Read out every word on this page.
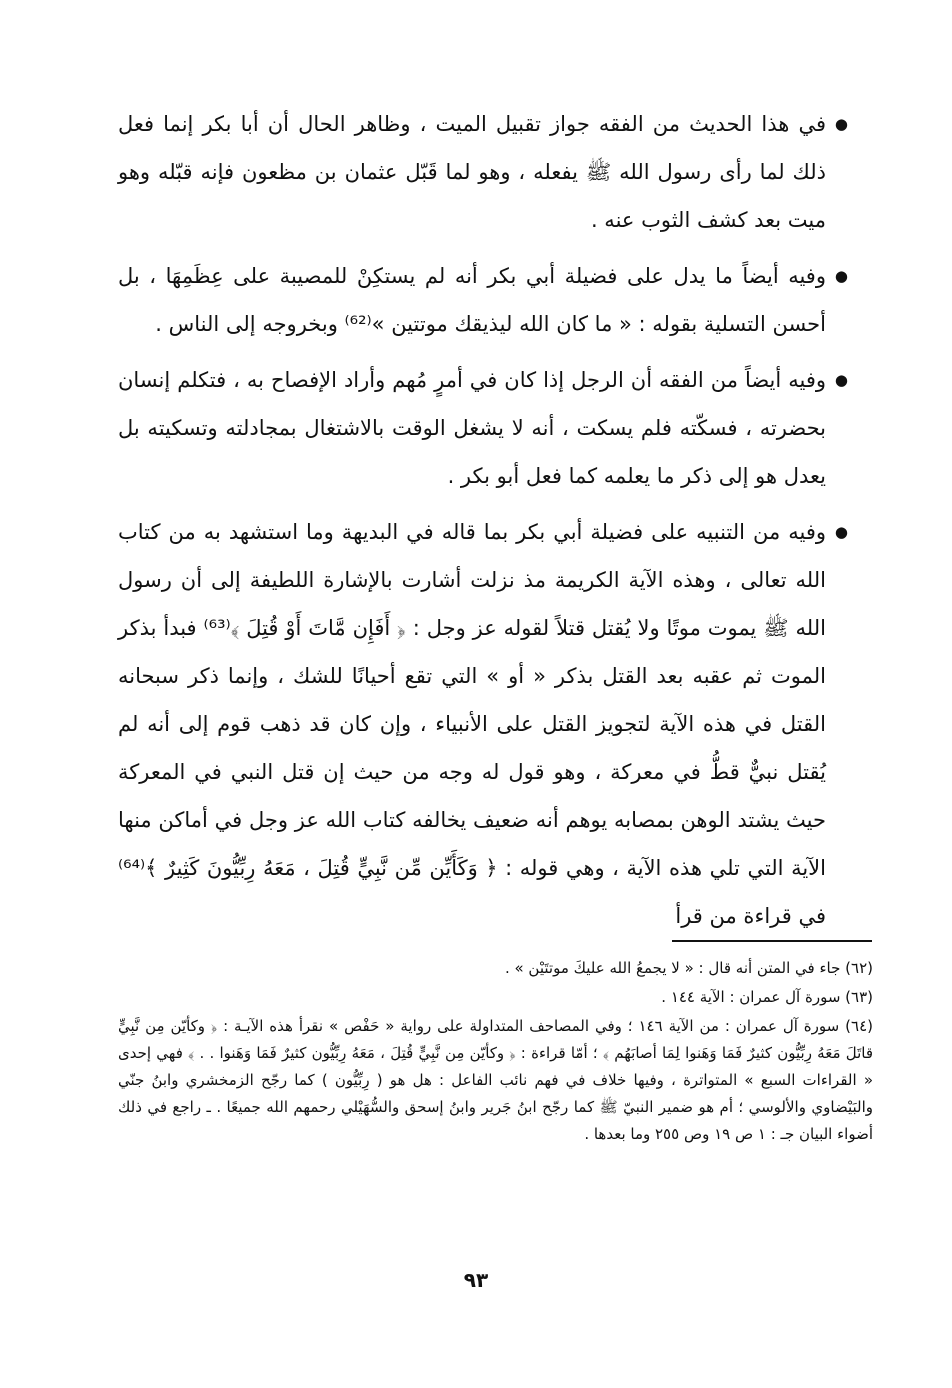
●
في هذا الحديث من الفقه جواز تقبيل الميت ، وظاهر الحال أن أبا بكر إنما فعل ذلك لما رأى رسول الله ﷺ يفعله ، وهو لما قَبّل عثمان بن مظعون فإنه قبّله وهو ميت بعد كشف الثوب عنه .

●
وفيه أيضاً ما يدل على فضيلة أبي بكر أنه لم يستكِنْ للمصيبة على عِظَمِهَا ، بل أحسن التسلية بقوله : « ما كان الله ليذيقك موتتين »⁽⁶²⁾ وبخروجه إلى الناس .

●
وفيه أيضاً من الفقه أن الرجل إذا كان في أمرٍ مُهم وأراد الإفصاح به ، فتكلم إنسان بحضرته ، فسكّته فلم يسكت ، أنه لا يشغل الوقت بالاشتغال بمجادلته وتسكيته بل يعدل هو إلى ذكر ما يعلمه كما فعل أبو بكر .

●
وفيه من التنبيه على فضيلة أبي بكر بما قاله في البديهة وما استشهد به من كتاب الله تعالى ، وهذه الآية الكريمة مذ نزلت أشارت بالإشارة اللطيفة إلى أن رسول الله ﷺ يموت موتًا ولا يُقتل قتلاً لقوله عز وجل : ﴿ أَفَإِن مَّاتَ أَوْ قُتِلَ ﴾⁽⁶³⁾ فبدأ بذكر الموت ثم عقبه بعد القتل بذكر « أو » التي تقع أحيانًا للشك ، وإنما ذكر سبحانه القتل في هذه الآية لتجويز القتل على الأنبياء ، وإن كان قد ذهب قوم إلى أنه لم يُقتل نبيٌّ قطُّ في معركة ، وهو قول له وجه من حيث إن قتل النبي في المعركة حيث يشتد الوهن بمصابه يوهم أنه ضعيف يخالفه كتاب الله عز وجل في أماكن منها الآية التي تلي هذه الآية ، وهي قوله : ﴿ وَكَأَيِّن مِّن نَّبِيٍّ قُتِلَ ، مَعَهُ رِبِّيُّونَ كَثِيرٌ ﴾⁽⁶⁴⁾ في قراءة من قرأ

(٦٢) جاء في المتن أنه قال : « لا يجمعُ الله عليكَ موتتَيْن » .

(٦٣) سورة آل عمران : الآية ١٤٤ .

(٦٤) سورة آل عمران : من الآية ١٤٦ ؛ وفي المصاحف المتداولة على رواية « حَفْص » نقرأ هذه الآيـة : ﴿ وكأيّن مِن نَّبِيٍّ قاتَلَ مَعَهُ رِبِّيُّون كثيرٌ فَمَا وَهَنوا لِمَا أصابَهُم ﴾ ؛ أمّا قراءة : ﴿ وكأيّن مِن نَّبِيٍّ قُتِلَ ، مَعَهُ رِبِّيُّون كثيرٌ فَمَا وَهَنوا . . ﴾ فهي إحدى « القراءات السبع » المتواترة ، وفيها خلاف في فهم نائب الفاعل : هل هو ( رِبِّيُّون ) كما رجّح الزمخشري وابنُ جنّي والبَيْضاوي والألوسي ؛ أم هو ضمير النبيّ ﷺ كما رجّح ابنُ جَرير وابنُ إسحق والسُّهَيْلي رحمهم الله جميعًا . ـ راجع في ذلك أضواء البيان جـ : ١ ص ١٩ وص ٢٥٥ وما بعدها .

٩٣
